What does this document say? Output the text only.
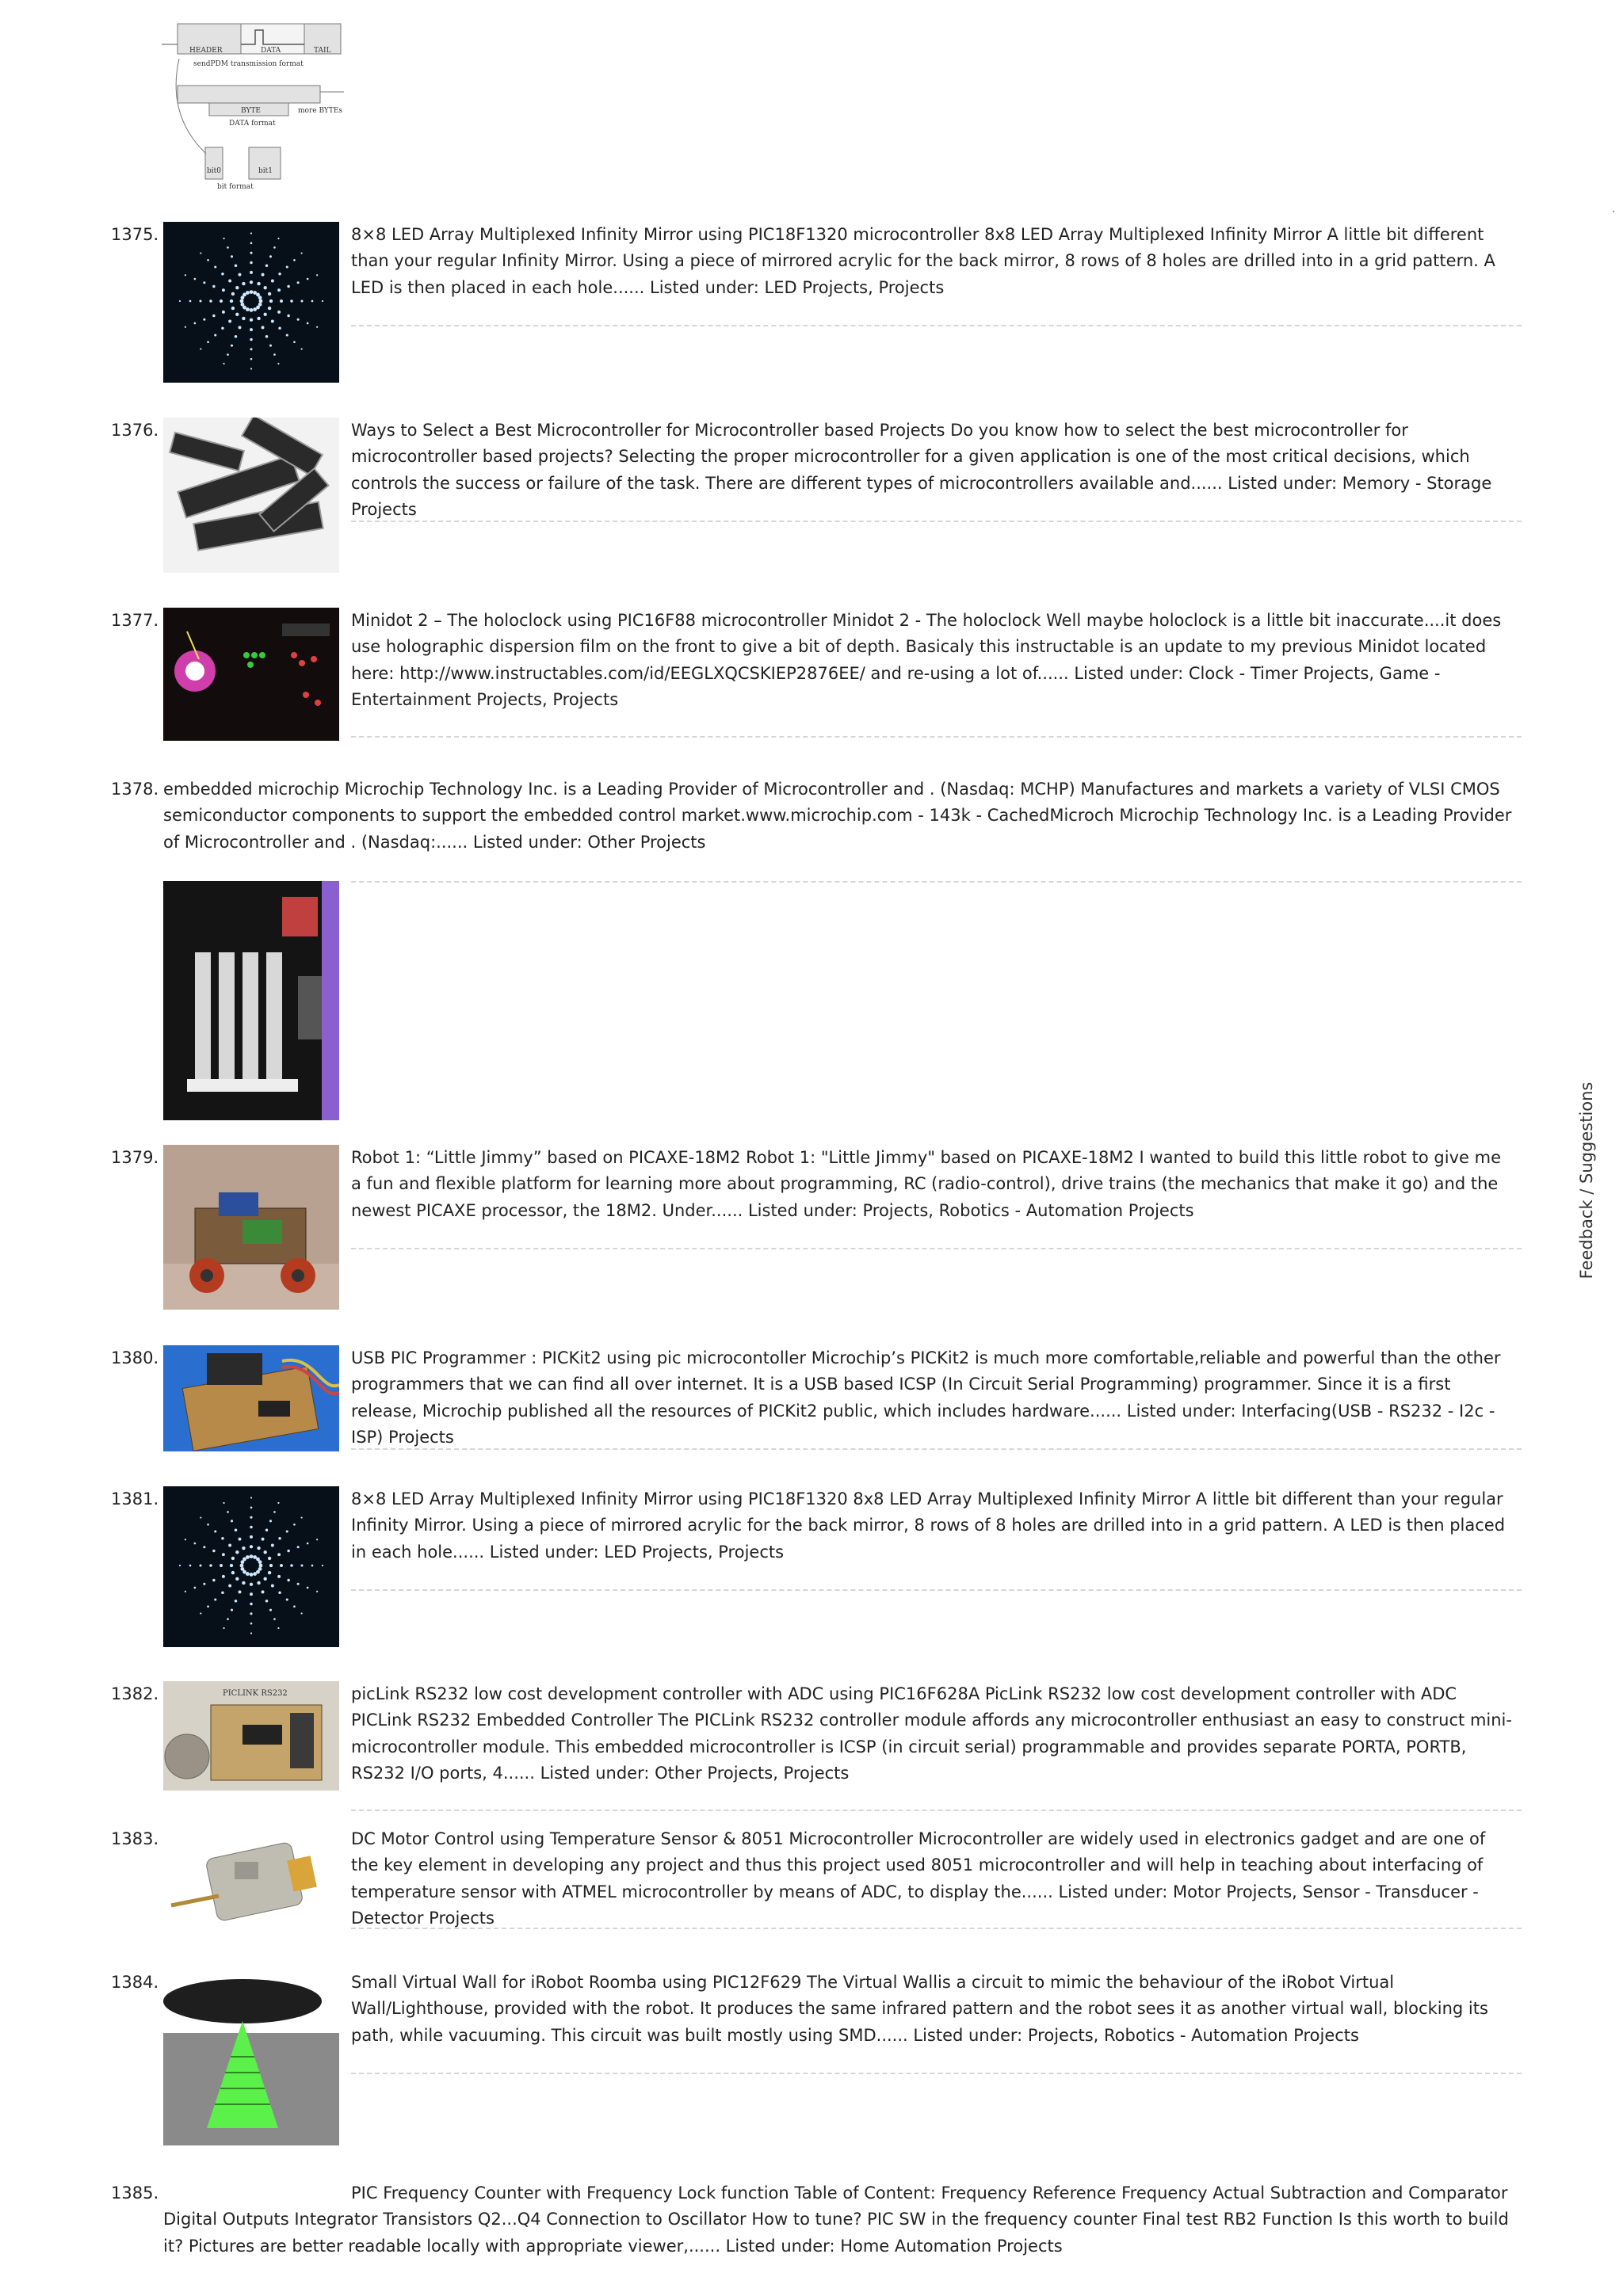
HEADER	DATA	TAIL
sendPDM transmission format
BYTE	more BYTEs
DATA format
bit0	bit1
bit format
1375.	8×8 LED Array Multiplexed Infinity Mirror using PIC18F1320 microcontroller 8x8 LED Array Multiplexed Infinity Mirror A little bit different than your regular Infinity Mirror. Using a piece of mirrored acrylic for the back mirror, 8 rows of 8 holes are drilled into in a grid pattern. A LED is then placed in each hole...... Listed under: LED Projects, Projects
1376.	Ways to Select a Best Microcontroller for Microcontroller based Projects Do you know how to select the best microcontroller for microcontroller based projects? Selecting the proper microcontroller for a given application is one of the most critical decisions, which controls the success or failure of the task. There are different types of microcontrollers available and...... Listed under: Memory - Storage Projects
1377.	Minidot 2 – The holoclock using PIC16F88 microcontroller Minidot 2 - The holoclock Well maybe holoclock is a little bit inaccurate....it does use holographic dispersion film on the front to give a bit of depth. Basicaly this instructable is an update to my previous Minidot located here: http://www.instructables.com/id/EEGLXQCSKIEP2876EE/ and re-using a lot of...... Listed under: Clock - Timer Projects, Game - Entertainment Projects, Projects
1378. embedded microchip Microchip Technology Inc. is a Leading Provider of Microcontroller and . (Nasdaq: MCHP) Manufactures and markets a variety of VLSI CMOS semiconductor components to support the embedded control market.www.microchip.com - 143k - CachedMicroch Microchip Technology Inc. is a Leading Provider of Microcontroller and . (Nasdaq:...... Listed under: Other Projects
1379.	Robot 1: “Little Jimmy” based on PICAXE-18M2 Robot 1: "Little Jimmy" based on PICAXE-18M2 I wanted to build this little robot to give me a fun and flexible platform for learning more about programming, RC (radio-control), drive trains (the mechanics that make it go) and the newest PICAXE processor, the 18M2. Under...... Listed under: Projects, Robotics - Automation Projects
1380.	USB PIC Programmer : PICKit2 using pic microcontoller Microchip’s PICKit2 is much more comfortable,reliable and powerful than the other programmers that we can find all over internet. It is a USB based ICSP (In Circuit Serial Programming) programmer. Since it is a first release, Microchip published all the resources of PICKit2 public, which includes hardware...... Listed under: Interfacing(USB - RS232 - I2c -ISP) Projects
1381.	8×8 LED Array Multiplexed Infinity Mirror using PIC18F1320 8x8 LED Array Multiplexed Infinity Mirror A little bit different than your regular Infinity Mirror. Using a piece of mirrored acrylic for the back mirror, 8 rows of 8 holes are drilled into in a grid pattern. A LED is then placed in each hole...... Listed under: LED Projects, Projects
1382.	PICLINK RS232	picLink RS232 low cost development controller with ADC using PIC16F628A PicLink RS232 low cost development controller with ADC PICLink RS232 Embedded Controller The PICLink RS232 controller module affords any microcontroller enthusiast an easy to construct mini-microcontroller module. This embedded microcontroller is ICSP (in circuit serial) programmable and provides separate PORTA, PORTB, RS232 I/O ports, 4...... Listed under: Other Projects, Projects
1383.	DC Motor Control using Temperature Sensor & 8051 Microcontroller Microcontroller are widely used in electronics gadget and are one of the key element in developing any project and thus this project used 8051 microcontroller and will help in teaching about interfacing of temperature sensor with ATMEL microcontroller by means of ADC, to display the...... Listed under: Motor Projects, Sensor - Transducer - Detector Projects
1384.	Small Virtual Wall for iRobot Roomba using PIC12F629 The Virtual Wallis a circuit to mimic the behaviour of the iRobot Virtual Wall/Lighthouse, provided with the robot. It produces the same infrared pattern and the robot sees it as another virtual wall, blocking its path, while vacuuming. This circuit was built mostly using SMD...... Listed under: Projects, Robotics - Automation Projects
1385.	PIC Frequency Counter with Frequency Lock function Table of Content: Frequency Reference Frequency Actual Subtraction and Comparator Digital Outputs Integrator Transistors Q2...Q4 Connection to Oscillator How to tune? PIC SW in the frequency counter Final test RB2 Function Is this worth to build it? Pictures are better readable locally with appropriate viewer,...... Listed under: Home Automation Projects
Feedback / Suggestions
